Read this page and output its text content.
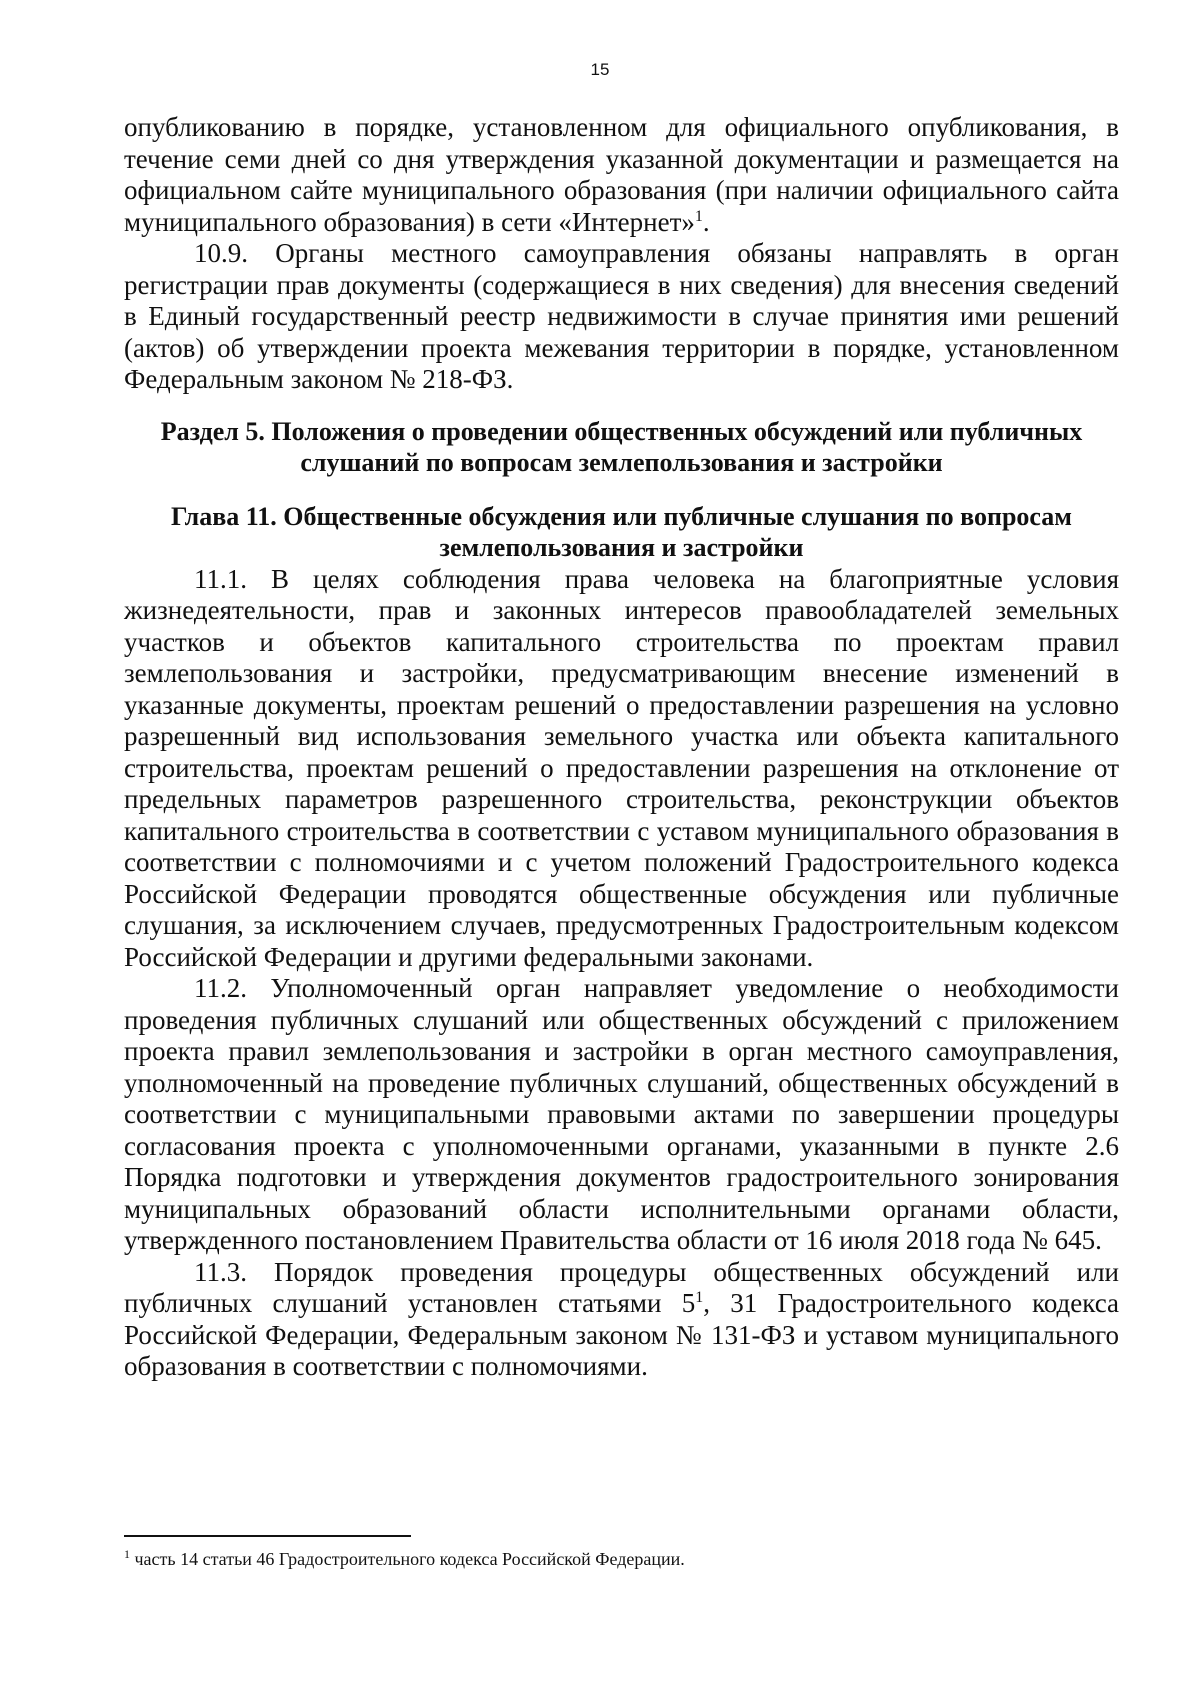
15

опубликованию в порядке, установленном для официального опубликования, в течение семи дней со дня утверждения указанной документации и размещается на официальном сайте муниципального образования (при наличии официального сайта муниципального образования) в сети «Интернет»$^1$.

10.9. Органы местного самоуправления обязаны направлять в орган регистрации прав документы (содержащиеся в них сведения) для внесения сведений в Единый государственный реестр недвижимости в случае принятия ими решений (актов) об утверждении проекта межевания территории в порядке, установленном Федеральным законом № 218-ФЗ.

Раздел 5. Положения о проведении общественных обсуждений или публичных слушаний по вопросам землепользования и застройки

Глава 11. Общественные обсуждения или публичные слушания по вопросам землепользования и застройки

11.1. В целях соблюдения права человека на благоприятные условия жизнедеятельности, прав и законных интересов правообладателей земельных участков и объектов капитального строительства по проектам правил землепользования и застройки, предусматривающим внесение изменений в указанные документы, проектам решений о предоставлении разрешения на условно разрешенный вид использования земельного участка или объекта капитального строительства, проектам решений о предоставлении разрешения на отклонение от предельных параметров разрешенного строительства, реконструкции объектов капитального строительства в соответствии с уставом муниципального образования в соответствии с полномочиями и с учетом положений Градостроительного кодекса Российской Федерации проводятся общественные обсуждения или публичные слушания, за исключением случаев, предусмотренных Градостроительным кодексом Российской Федерации и другими федеральными законами.

11.2. Уполномоченный орган направляет уведомление о необходимости проведения публичных слушаний или общественных обсуждений с приложением проекта правил землепользования и застройки в орган местного самоуправления, уполномоченный на проведение публичных слушаний, общественных обсуждений в соответствии с муниципальными правовыми актами по завершении процедуры согласования проекта с уполномоченными органами, указанными в пункте 2.6 Порядка подготовки и утверждения документов градостроительного зонирования муниципальных образований области исполнительными органами области, утвержденного постановлением Правительства области от 16 июля 2018 года № 645.

11.3. Порядок проведения процедуры общественных обсуждений или публичных слушаний установлен статьями $5^1$, 31 Градостроительного кодекса Российской Федерации, Федеральным законом № 131-ФЗ и уставом муниципального образования в соответствии с полномочиями.

$^1$ часть 14 статьи 46 Градостроительного кодекса Российской Федерации.
